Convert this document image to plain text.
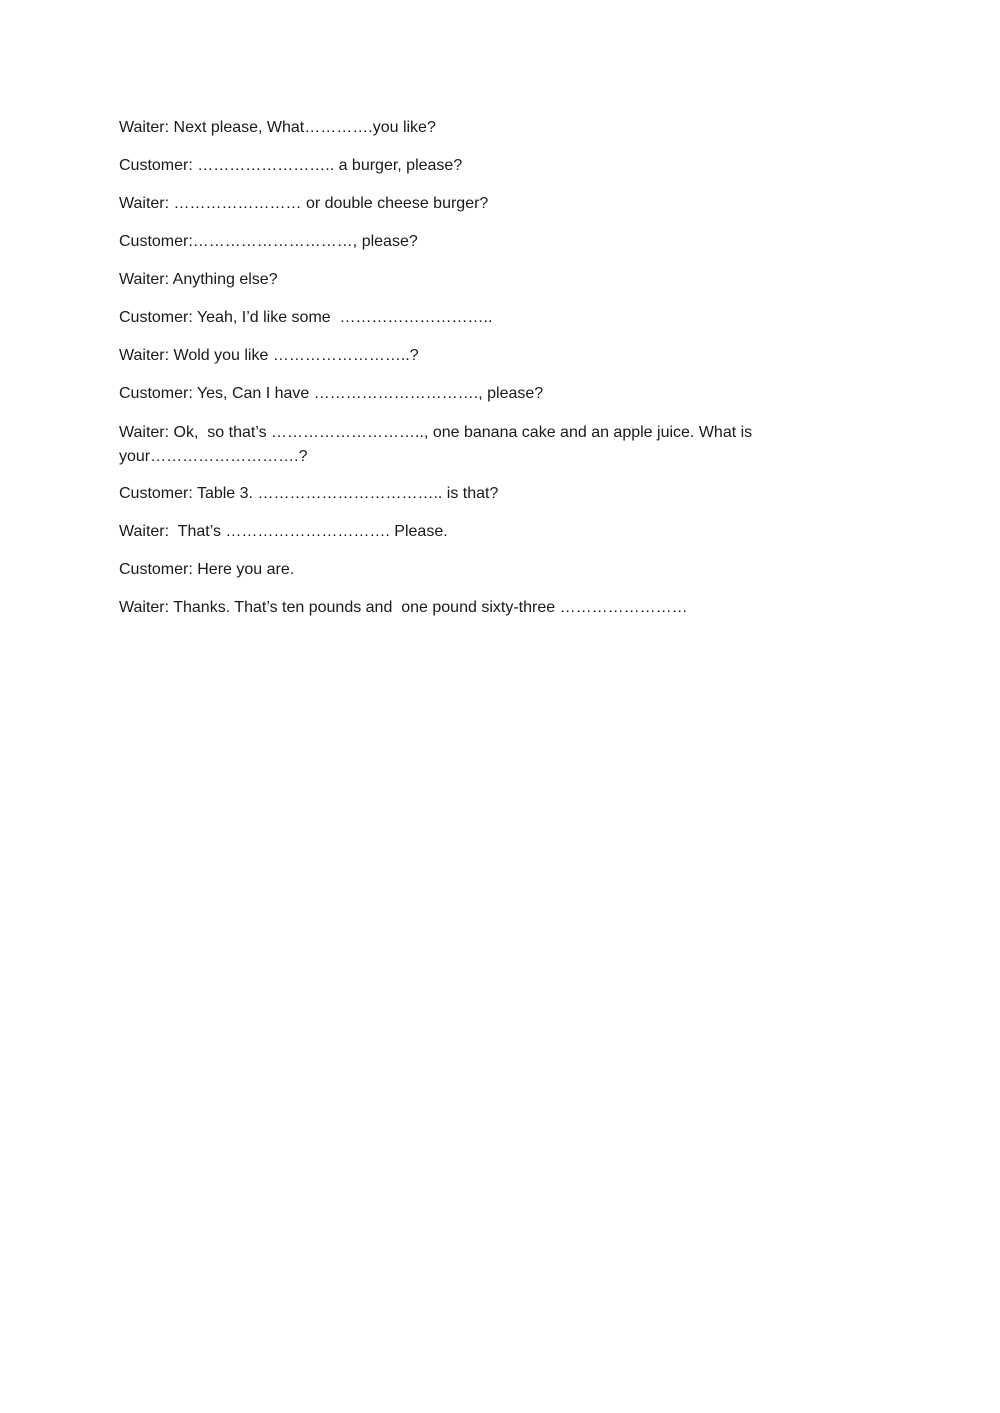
Waiter: Next please, What………….you like?

Customer: …………………….. a burger, please?

Waiter: …………………… or double cheese burger?

Customer:…………………………, please?

Waiter: Anything else?

Customer: Yeah, I’d like some  ………………………..

Waiter: Wold you like ……………………..?

Customer: Yes, Can I have …………………………., please?

Waiter: Ok,  so that’s ……………………….., one banana cake and an apple juice. What is your……………………….?

Customer: Table 3. …………………………….. is that?

Waiter:  That’s …………………………. Please.

Customer: Here you are.

Waiter: Thanks. That’s ten pounds and  one pound sixty-three ……………………
